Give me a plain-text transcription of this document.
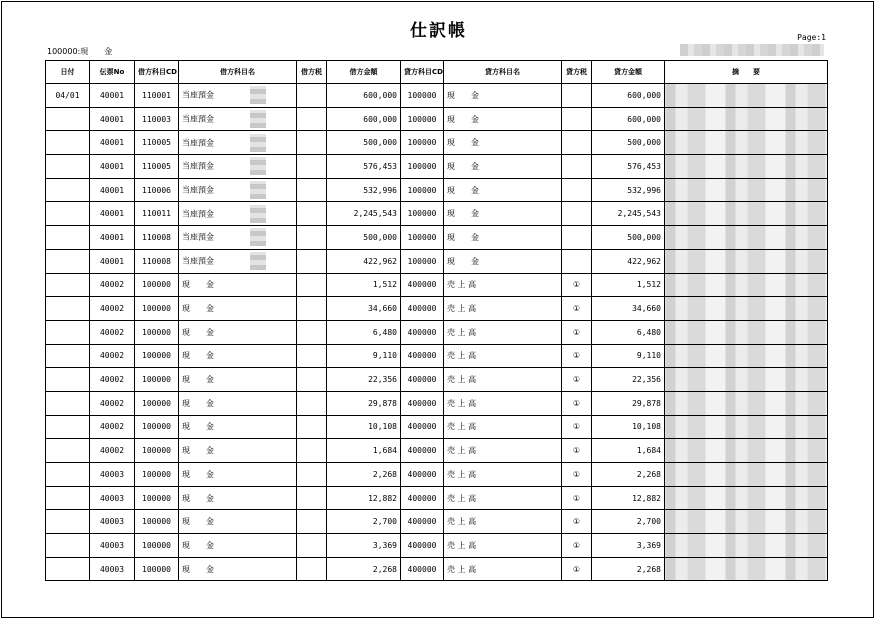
仕訳帳	Page:1
100000:現　　金
日付	伝票No	借方科目CD	借方科目名	借方税	借方金額	貸方科目CD	貸方科目名	貸方税	貸方金額	摘　　要
04/01	40001	110001	当座預金		600,000	100000	現　　金		600,000	

	40001	110003	当座預金		600,000	100000	現　　金		600,000	

	40001	110005	当座預金		500,000	100000	現　　金		500,000	

	40001	110005	当座預金		576,453	100000	現　　金		576,453	

	40001	110006	当座預金		532,996	100000	現　　金		532,996	

	40001	110011	当座預金		2,245,543	100000	現　　金		2,245,543	

	40001	110008	当座預金		500,000	100000	現　　金		500,000	

	40001	110008	当座預金		422,962	100000	現　　金		422,962	

	40002	100000	現　　金		1,512	400000	売 上 高	①	1,512	

	40002	100000	現　　金		34,660	400000	売 上 高	①	34,660	

	40002	100000	現　　金		6,480	400000	売 上 高	①	6,480	

	40002	100000	現　　金		9,110	400000	売 上 高	①	9,110	

	40002	100000	現　　金		22,356	400000	売 上 高	①	22,356	

	40002	100000	現　　金		29,878	400000	売 上 高	①	29,878	

	40002	100000	現　　金		10,108	400000	売 上 高	①	10,108	

	40002	100000	現　　金		1,684	400000	売 上 高	①	1,684	

	40003	100000	現　　金		2,268	400000	売 上 高	①	2,268	

	40003	100000	現　　金		12,882	400000	売 上 高	①	12,882	

	40003	100000	現　　金		2,700	400000	売 上 高	①	2,700	

	40003	100000	現　　金		3,369	400000	売 上 高	①	3,369	

	40003	100000	現　　金		2,268	400000	売 上 高	①	2,268	
